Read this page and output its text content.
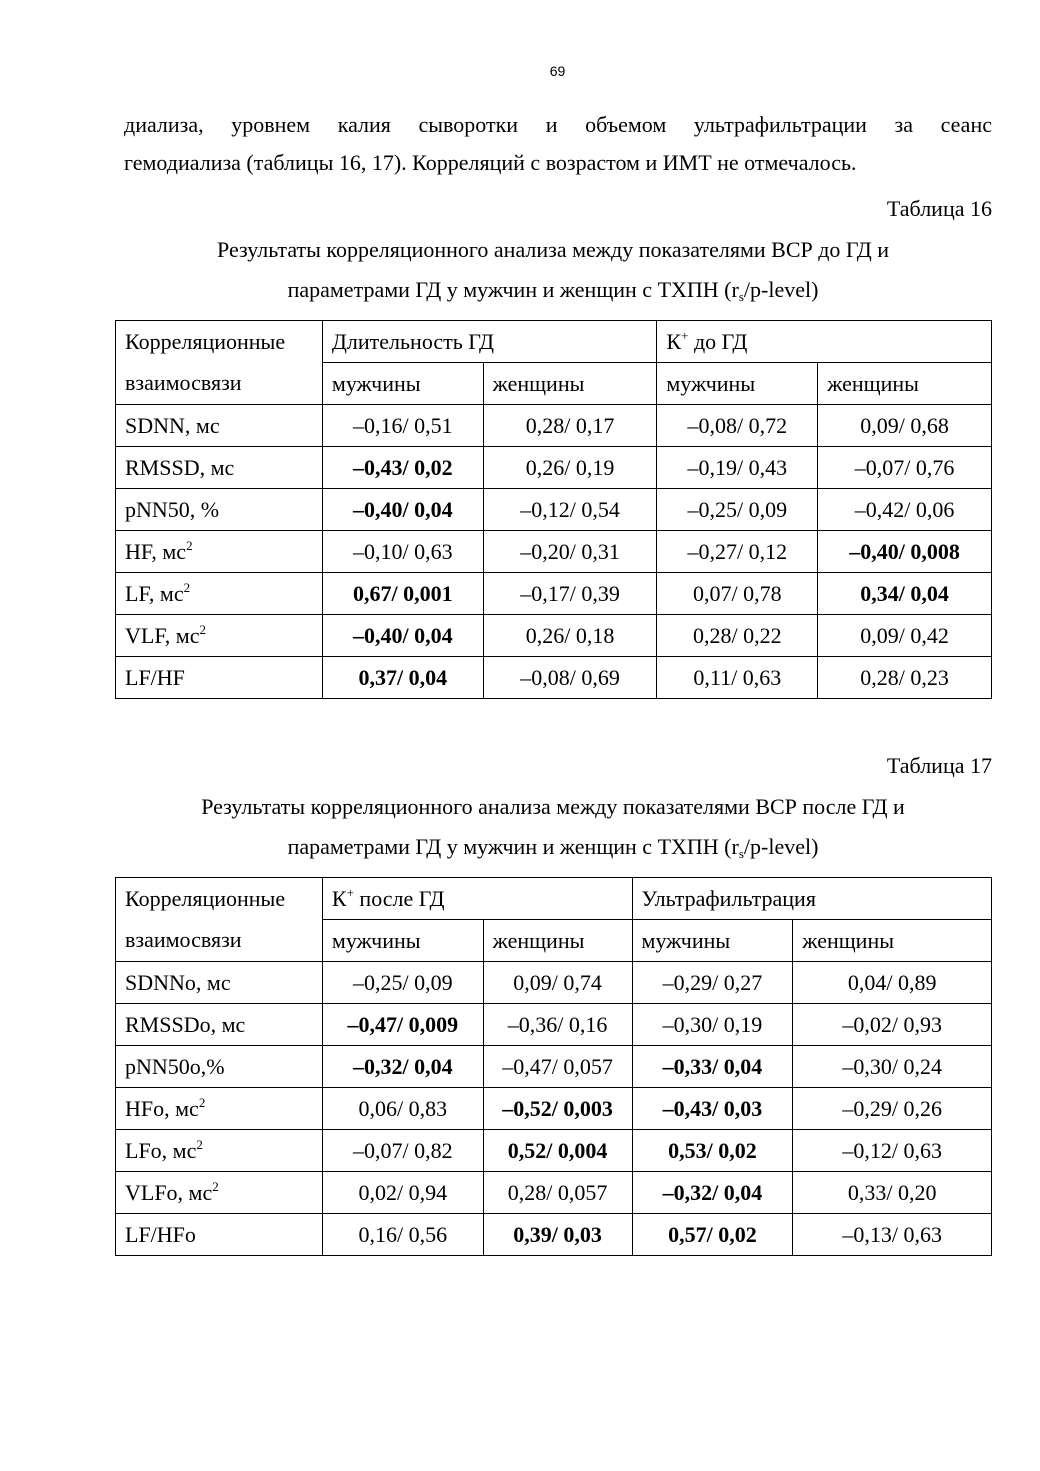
69
диализа, уровнем калия сыворотки и объемом ультрафильтрации за сеанс
гемодиализа (таблицы 16, 17). Корреляций с возрастом и ИМТ не отмечалось.
Таблица 16
Результаты корреляционного анализа между показателями ВСР до ГД и
параметрами ГД у мужчин и женщин с ТХПН $(r_s/p-level)$
Корреляционные	Длительность ГД		К+ до ГД	
взаимосвязи	мужчины	женщины	мужчины	женщины
SDNN, мс	–0,16/ 0,51	0,28/ 0,17	–0,08/ 0,72	0,09/ 0,68
RMSSD, мс	–0,43/ 0,02	0,26/ 0,19	–0,19/ 0,43	–0,07/ 0,76
pNN50, %	–0,40/ 0,04	–0,12/ 0,54	–0,25/ 0,09	–0,42/ 0,06
HF, $мс^2$	–0,10/ 0,63	–0,20/ 0,31	–0,27/ 0,12	–0,40/ 0,008
LF, $мс^2$	0,67/ 0,001	–0,17/ 0,39	0,07/ 0,78	0,34/ 0,04
VLF, $мс^2$	–0,40/ 0,04	0,26/ 0,18	0,28/ 0,22	0,09/ 0,42
LF/HF	0,37/ 0,04	–0,08/ 0,69	0,11/ 0,63	0,28/ 0,23
Таблица 17
Результаты корреляционного анализа между показателями ВСР после ГД и
параметрами ГД у мужчин и женщин с ТХПН $(r_s/p-level)$
Корреляционные	К+ после ГД		Ультрафильтрация	
взаимосвязи	мужчины	женщины	мужчины	женщины
SDNNо, мс	–0,25/ 0,09	0,09/ 0,74	–0,29/ 0,27	0,04/ 0,89
RMSSDо, мс	–0,47/ 0,009	–0,36/ 0,16	–0,30/ 0,19	–0,02/ 0,93
pNN50о,%	–0,32/ 0,04	–0,47/ 0,057	–0,33/ 0,04	–0,30/ 0,24
HFо, $мс^2$	0,06/ 0,83	–0,52/ 0,003	–0,43/ 0,03	–0,29/ 0,26
LFо, $мс^2$	–0,07/ 0,82	0,52/ 0,004	0,53/ 0,02	–0,12/ 0,63
VLFо, $мс^2$	0,02/ 0,94	0,28/ 0,057	–0,32/ 0,04	0,33/ 0,20
LF/HFо	0,16/ 0,56	0,39/ 0,03	0,57/ 0,02	–0,13/ 0,63
